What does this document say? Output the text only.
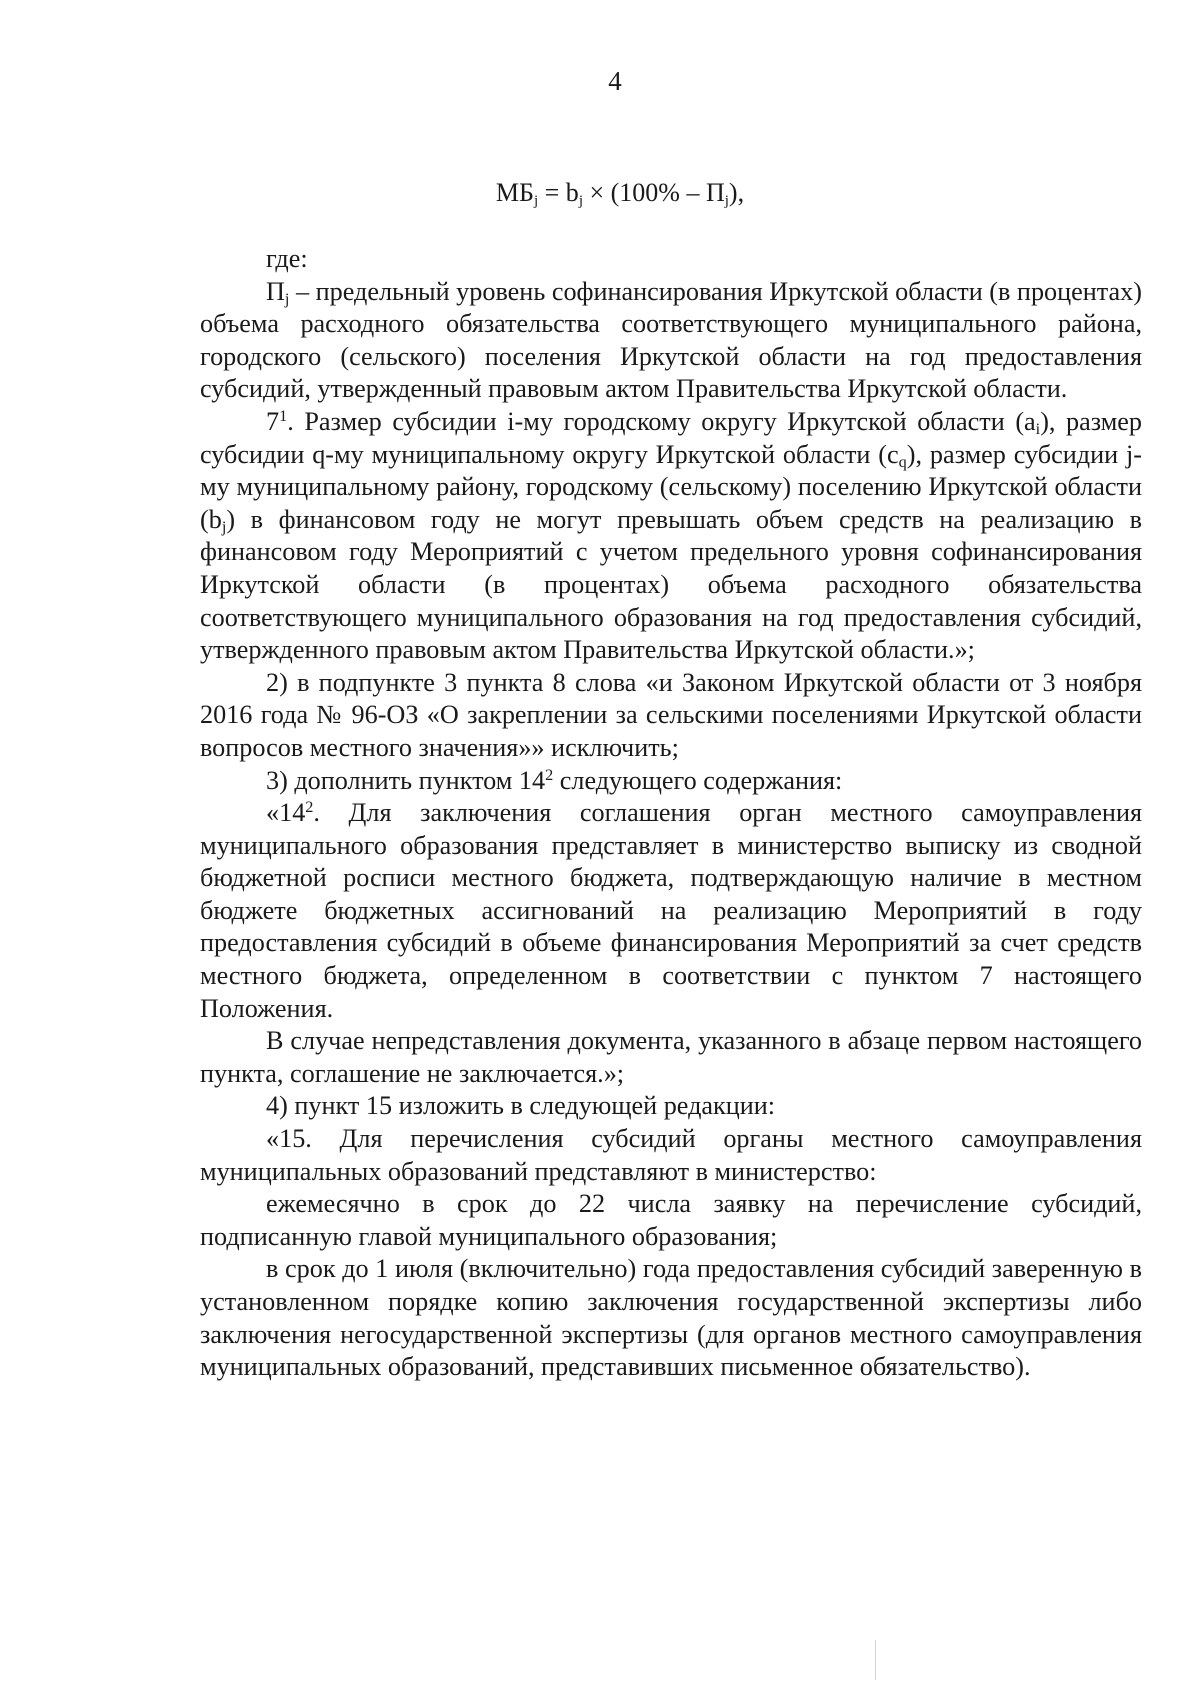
4
$МБ_j = b_j \times (100\% - П_j)$,

где:

$П_j$ – предельный уровень софинансирования Иркутской области (в процентах) объема расходного обязательства соответствующего муниципального района, городского (сельского) поселения Иркутской области на год предоставления субсидий, утвержденный правовым актом Правительства Иркутской области.

$7^1$. Размер субсидии i-му городскому округу Иркутской области $(a_i)$, размер субсидии q-му муниципальному округу Иркутской области $(c_q)$, размер субсидии j-му муниципальному району, городскому (сельскому) поселению Иркутской области $(b_j)$ в финансовом году не могут превышать объем средств на реализацию в финансовом году Мероприятий с учетом предельного уровня софинансирования Иркутской области (в процентах) объема расходного обязательства соответствующего муниципального образования на год предоставления субсидий, утвержденного правовым актом Правительства Иркутской области.»;

2) в подпункте 3 пункта 8 слова «и Законом Иркутской области от 3 ноября 2016 года № 96-ОЗ «О закреплении за сельскими поселениями Иркутской области вопросов местного значения»» исключить;

3) дополнить пунктом $14^2$ следующего содержания:

«$14^2$. Для заключения соглашения орган местного самоуправления муниципального образования представляет в министерство выписку из сводной бюджетной росписи местного бюджета, подтверждающую наличие в местном бюджете бюджетных ассигнований на реализацию Мероприятий в году предоставления субсидий в объеме финансирования Мероприятий за счет средств местного бюджета, определенном в соответствии с пунктом 7 настоящего Положения.

В случае непредставления документа, указанного в абзаце первом настоящего пункта, соглашение не заключается.»;

4) пункт 15 изложить в следующей редакции:

«15. Для перечисления субсидий органы местного самоуправления муниципальных образований представляют в министерство:

ежемесячно в срок до 22 числа заявку на перечисление субсидий, подписанную главой муниципального образования;

в срок до 1 июля (включительно) года предоставления субсидий заверенную в установленном порядке копию заключения государственной экспертизы либо заключения негосударственной экспертизы (для органов местного самоуправления муниципальных образований, представивших письменное обязательство).
